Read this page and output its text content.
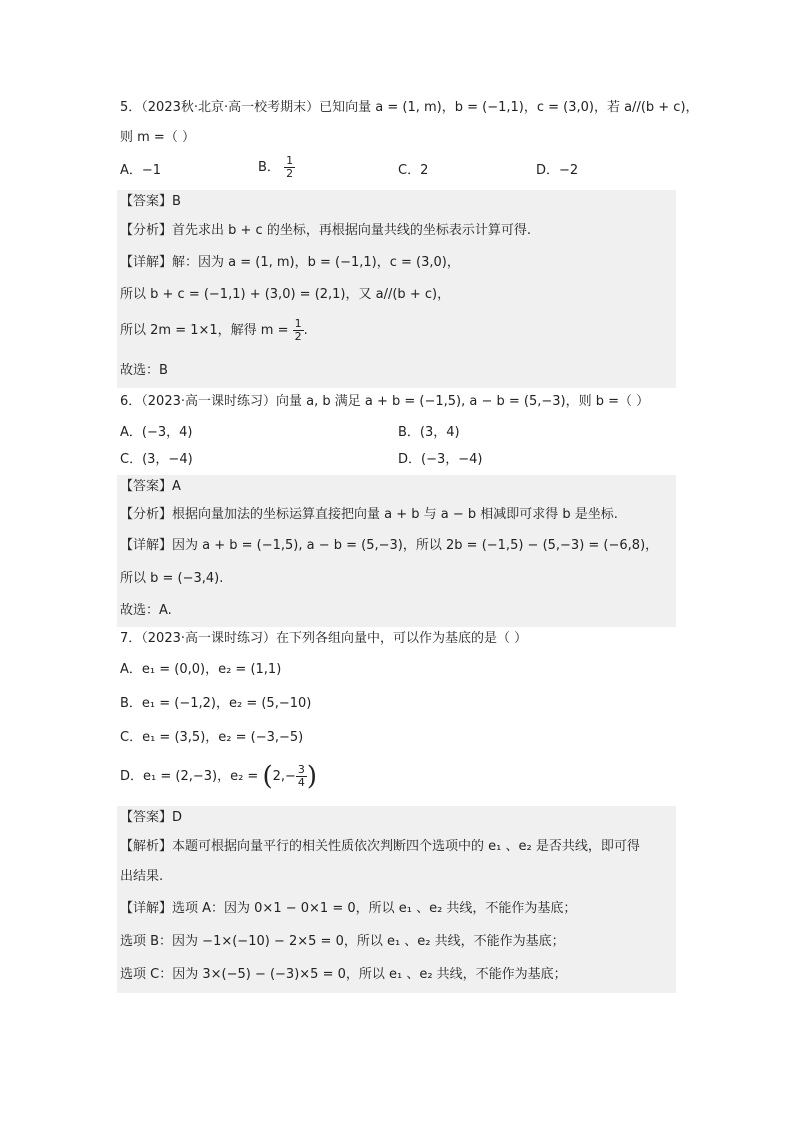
5．（2023秋·北京·高一校考期末）已知向量 a = (1, m)，b = (−1,1)，c = (3,0)，若 a//(b + c)，
则 m =（ ）
A．−1	B． $\frac{1}{2}$	C．2	D．−2
【答案】B
【分析】首先求出 b + c 的坐标，再根据向量共线的坐标表示计算可得.
【详解】解：因为 a = (1, m)，b = (−1,1)，c = (3,0)，
所以 b + c = (−1,1) + (3,0) = (2,1)，又 a//(b + c)，
所以 2m = 1×1，解得 $m = \frac{1}{2}$ .
故选：B
6．（2023·高一课时练习）向量 a, b 满足 a + b = (−1,5), a − b = (5,−3)，则 b =（ ）
A．(−3，4)	B．(3，4)
C．(3，−4)	D．(−3，−4)
【答案】A
【分析】根据向量加法的坐标运算直接把向量 a + b 与 a − b 相减即可求得 b 是坐标.
【详解】因为 a + b = (−1,5), a − b = (5,−3)，所以 2b = (−1,5) − (5,−3) = (−6,8)，
所以 b = (−3,4).
故选：A.
7．（2023·高一课时练习）在下列各组向量中，可以作为基底的是（ ）
A．e₁ = (0,0)，e₂ = (1,1)
B．e₁ = (−1,2)，e₂ = (5,−10)
C．e₁ = (3,5)，e₂ = (−3,−5)
D．e₁ = (2,−3)，$e_2 = (2,- \frac{3}{4}$ )
【答案】D
【解析】本题可根据向量平行的相关性质依次判断四个选项中的 e₁ 、e₂ 是否共线，即可得
出结果.
【详解】选项 A：因为 0×1 − 0×1 = 0，所以 e₁ 、e₂ 共线，不能作为基底；
选项 B：因为 −1×(−10) − 2×5 = 0，所以 e₁ 、e₂ 共线，不能作为基底；
选项 C：因为 3×(−5) − (−3)×5 = 0，所以 e₁ 、e₂ 共线，不能作为基底；
